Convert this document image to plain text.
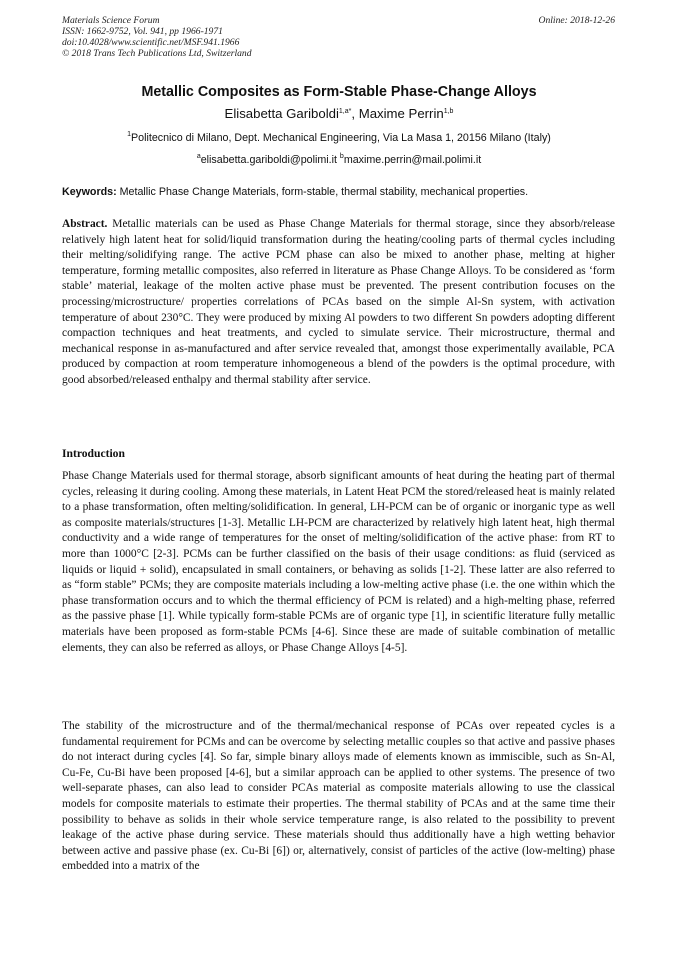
Materials Science Forum
ISSN: 1662-9752, Vol. 941, pp 1966-1971
doi:10.4028/www.scientific.net/MSF.941.1966
© 2018 Trans Tech Publications Ltd, Switzerland
Online: 2018-12-26
Metallic Composites as Form-Stable Phase-Change Alloys
Elisabetta Gariboldi$^{1,a*}$, Maxime Perrin$^{1,b}$
$^1$Politecnico di Milano, Dept. Mechanical Engineering, Via La Masa 1, 20156 Milano (Italy)
$^a$elisabetta.gariboldi@polimi.it $^b$maxime.perrin@mail.polimi.it
Keywords: Metallic Phase Change Materials, form-stable, thermal stability, mechanical properties.

Abstract. Metallic materials can be used as Phase Change Materials for thermal storage, since they absorb/release relatively high latent heat for solid/liquid transformation during the heating/cooling parts of thermal cycles including their melting/solidifying range. The active PCM phase can also be mixed to another phase, melting at higher temperature, forming metallic composites, also referred in literature as Phase Change Alloys. To be considered as ‘form stable’ material, leakage of the molten active phase must be prevented. The present contribution focuses on the processing/microstructure/ properties correlations of PCAs based on the simple Al-Sn system, with activation temperature of about 230°C. They were produced by mixing Al powders to two different Sn powders adopting different compaction techniques and heat treatments, and cycled to simulate service. Their microstructure, thermal and mechanical response in as-manufactured and after service revealed that, amongst those experimentally available, PCA produced by compaction at room temperature inhomogeneous a blend of the powders is the optimal procedure, with good absorbed/released enthalpy and thermal stability after service.

Introduction

Phase Change Materials used for thermal storage, absorb significant amounts of heat during the heating part of thermal cycles, releasing it during cooling. Among these materials, in Latent Heat PCM the stored/released heat is mainly related to a phase transformation, often melting/solidification. In general, LH-PCM can be of organic or inorganic type as well as composite materials/structures [1-3]. Metallic LH-PCM are characterized by relatively high latent heat, high thermal conductivity and a wide range of temperatures for the onset of melting/solidification of the active phase: from RT to more than 1000°C [2-3]. PCMs can be further classified on the basis of their usage conditions: as fluid (serviced as liquids or liquid + solid), encapsulated in small containers, or behaving as solids [1-2]. These latter are also referred to as “form stable” PCMs; they are composite materials including a low-melting active phase (i.e. the one within which the phase transformation occurs and to which the thermal efficiency of PCM is related) and a high-melting phase, referred as the passive phase [1]. While typically form-stable PCMs are of organic type [1], in scientific literature fully metallic materials have been proposed as form-stable PCMs [4-6]. Since these are made of suitable combination of metallic elements, they can also be referred as alloys, or Phase Change Alloys [4-5].

The stability of the microstructure and of the thermal/mechanical response of PCAs over repeated cycles is a fundamental requirement for PCMs and can be overcome by selecting metallic couples so that active and passive phases do not interact during cycles [4]. So far, simple binary alloys made of elements known as immiscible, such as Sn-Al, Cu-Fe, Cu-Bi have been proposed [4-6], but a similar approach can be applied to other systems. The presence of two well-separate phases, can also lead to consider PCAs material as composite materials allowing to use the classical models for composite materials to estimate their properties. The thermal stability of PCAs and at the same time their possibility to behave as solids in their whole service temperature range, is also related to the possibility to prevent leakage of the active phase during service. These materials should thus additionally have a high wetting behavior between active and passive phase (ex. Cu-Bi [6]) or, alternatively, consist of particles of the active (low-melting) phase embedded into a matrix of the
